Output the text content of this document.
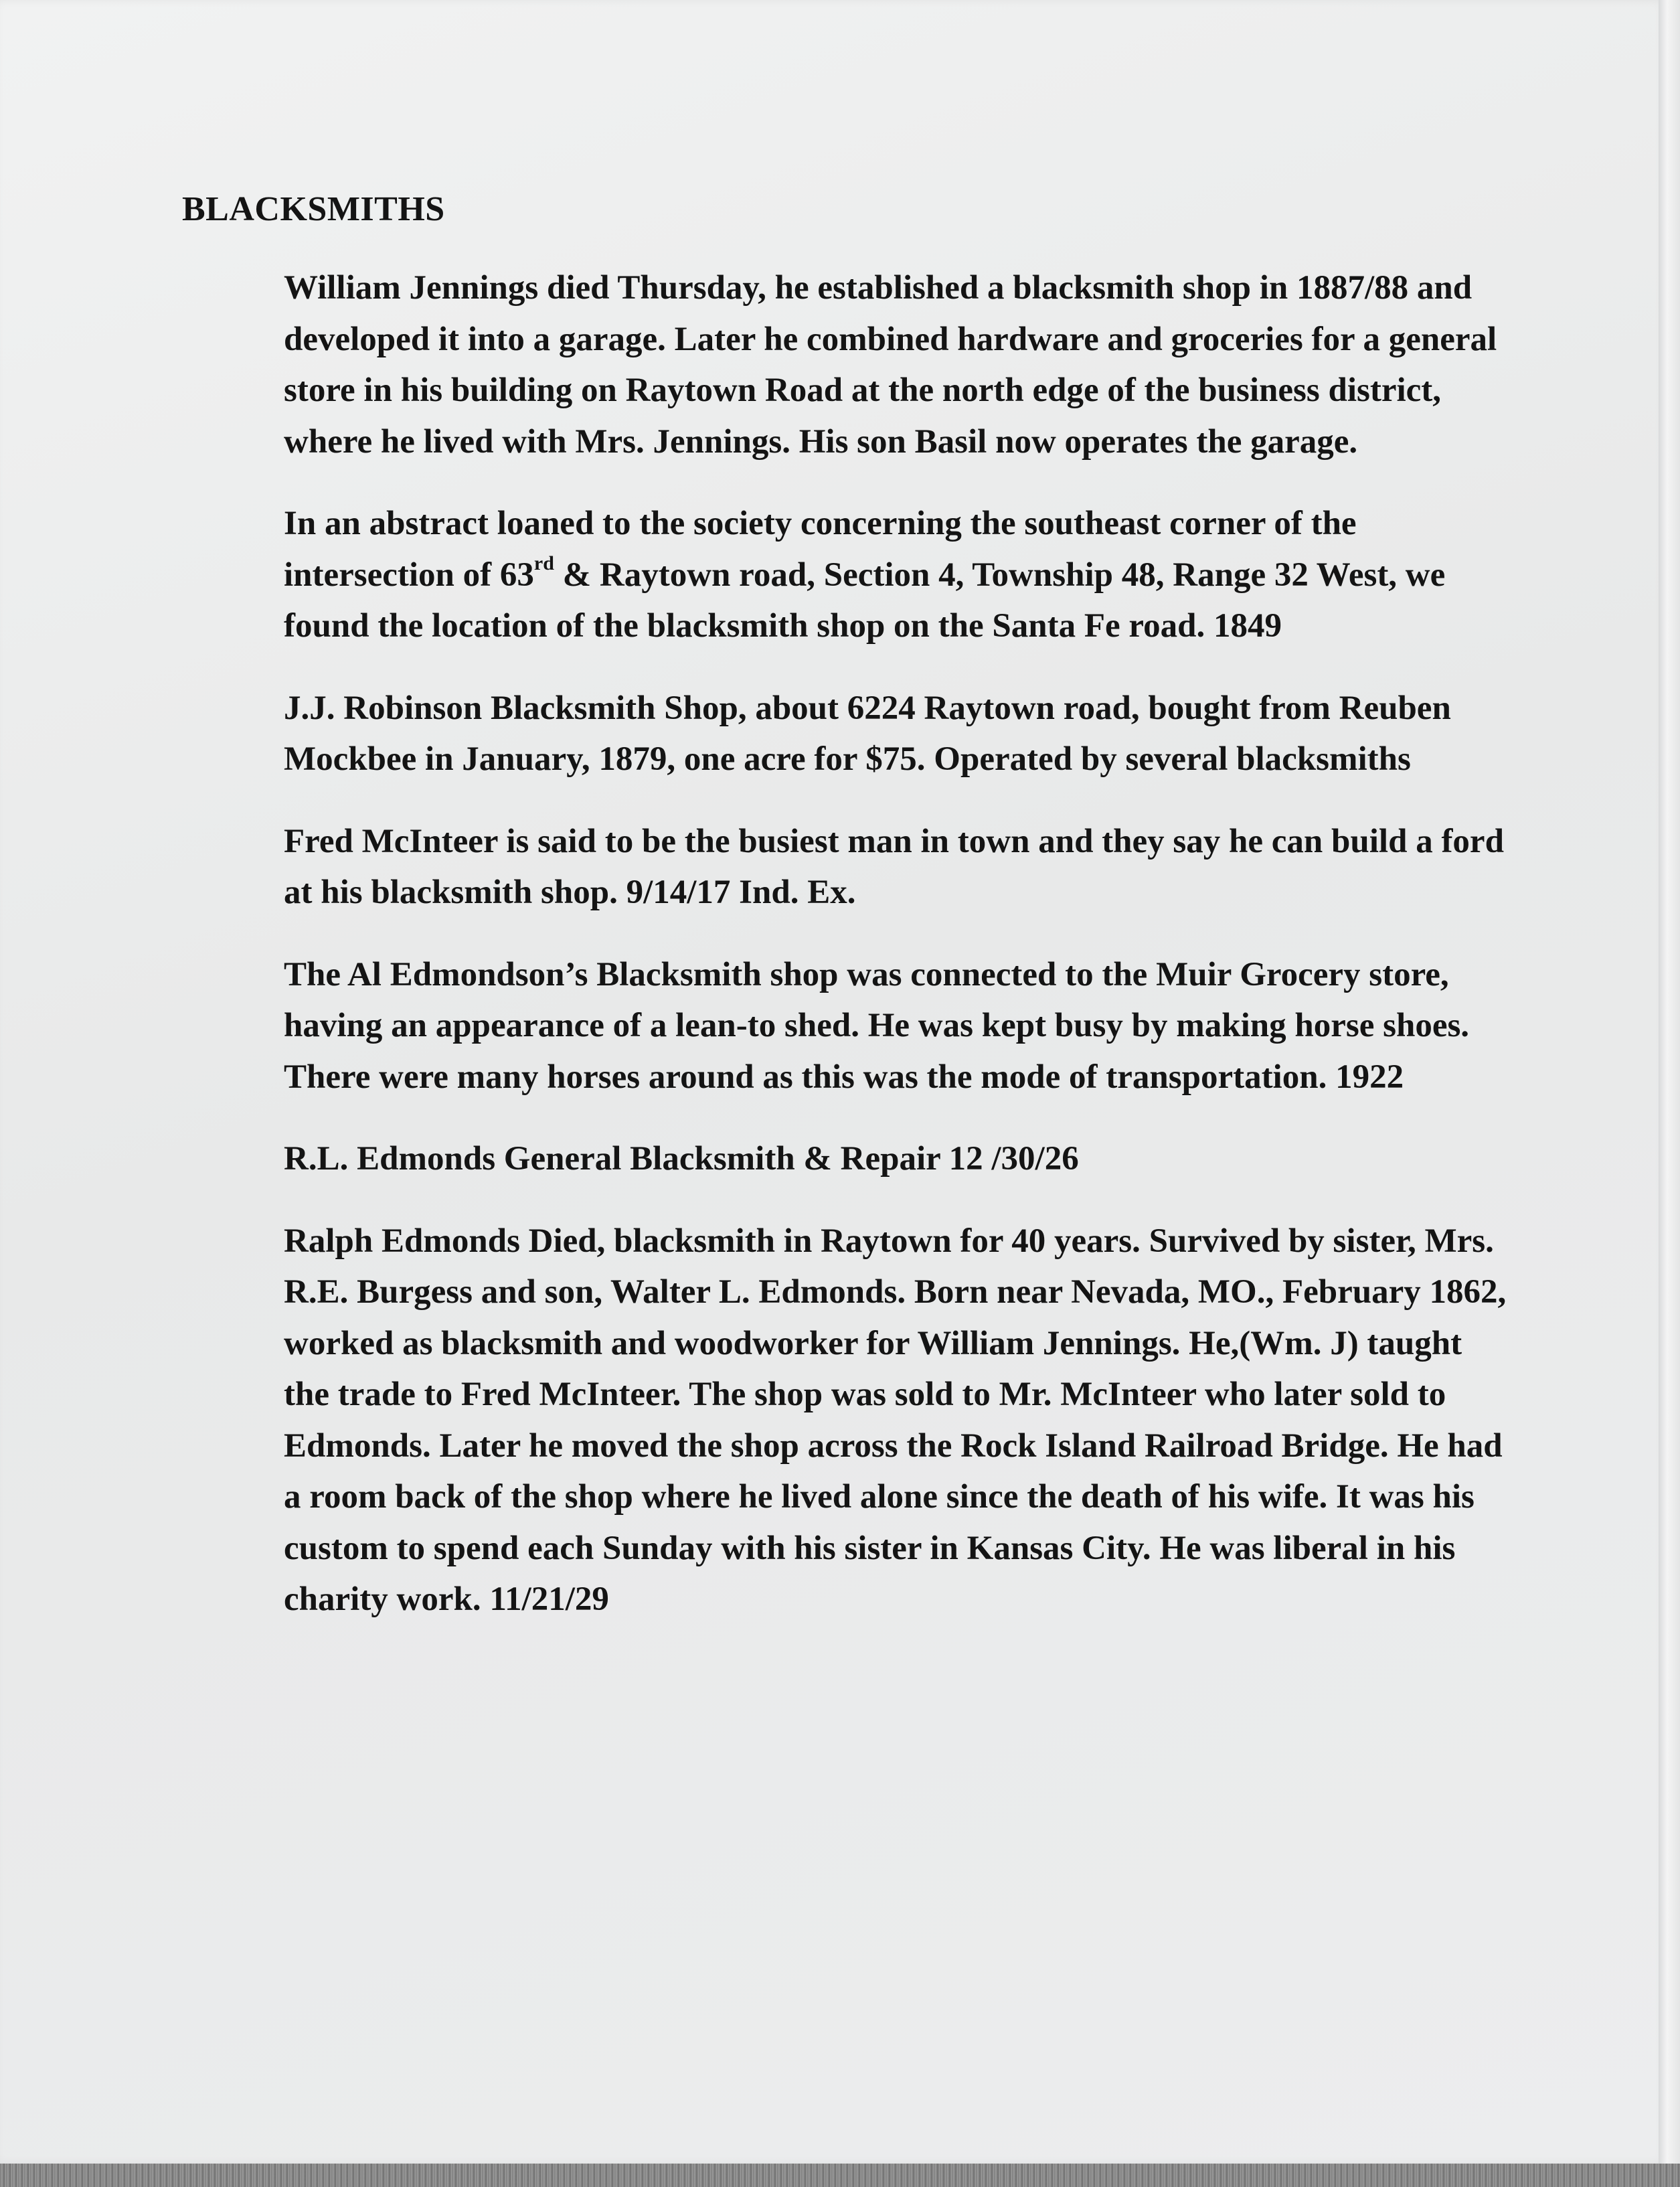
BLACKSMITHS

William Jennings died Thursday, he established a blacksmith shop in 1887/88 and developed it into a garage. Later he combined hardware and groceries for a general store in his building on Raytown Road at the north edge of the business district, where he lived with Mrs. Jennings. His son Basil now operates the garage.

In an abstract loaned to the society concerning the southeast corner of the intersection of 63rd & Raytown road, Section 4, Township 48, Range 32 West, we found the location of the blacksmith shop on the Santa Fe road. 1849

J.J. Robinson Blacksmith Shop, about 6224 Raytown road, bought from Reuben Mockbee in January, 1879, one acre for $75. Operated by several blacksmiths

Fred McInteer is said to be the busiest man in town and they say he can build a ford at his blacksmith shop. 9/14/17 Ind. Ex.

The Al Edmondson’s Blacksmith shop was connected to the Muir Grocery store, having an appearance of a lean-to shed. He was kept busy by making horse shoes. There were many horses around as this was the mode of transportation. 1922

R.L. Edmonds General Blacksmith & Repair 12 /30/26

Ralph Edmonds Died, blacksmith in Raytown for 40 years. Survived by sister, Mrs. R.E. Burgess and son, Walter L. Edmonds. Born near Nevada, MO., February 1862, worked as blacksmith and woodworker for William Jennings. He,(Wm. J) taught the trade to Fred McInteer. The shop was sold to Mr. McInteer who later sold to Edmonds. Later he moved the shop across the Rock Island Railroad Bridge. He had a room back of the shop where he lived alone since the death of his wife. It was his custom to spend each Sunday with his sister in Kansas City. He was liberal in his charity work. 11/21/29
